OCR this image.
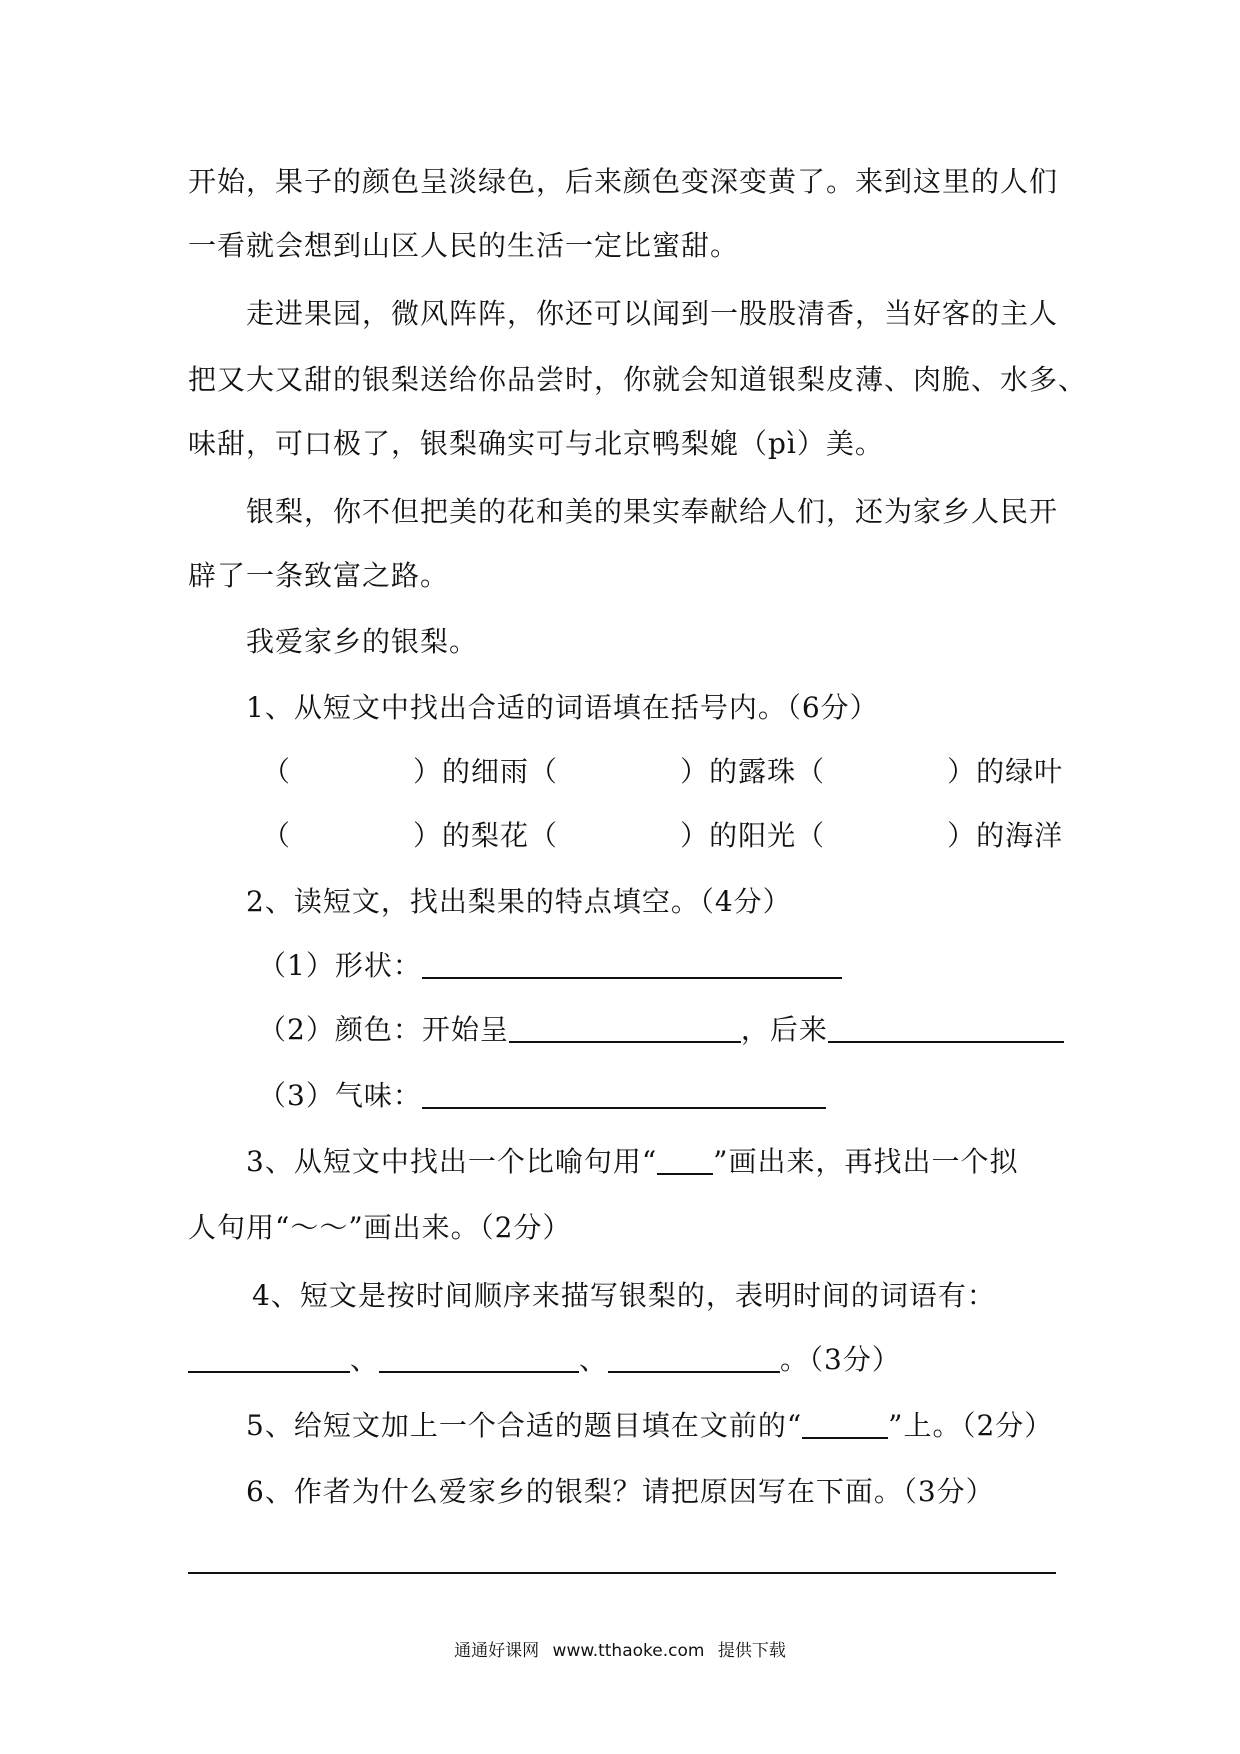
开始，果子的颜色呈淡绿色，后来颜色变深变黄了。来到这里的人们
一看就会想到山区人民的生活一定比蜜甜。
走进果园，微风阵阵，你还可以闻到一股股清香，当好客的主人
把又大又甜的银梨送给你品尝时，你就会知道银梨皮薄、肉脆、水多、
味甜，可口极了，银梨确实可与北京鸭梨媲（pì）美。
银梨，你不但把美的花和美的果实奉献给人们，还为家乡人民开
辟了一条致富之路。
我爱家乡的银梨。
1、从短文中找出合适的词语填在括号内。（6分）
（	）的细雨（	）的露珠（	）的绿叶
（	）的梨花（	）的阳光（	）的海洋
2、读短文，找出梨果的特点填空。（4分）
（1）形状：
（2）颜色：开始呈	，后来
（3）气味：
3、从短文中找出一个比喻句用“ ”画出来，再找出一个拟
人句用“～～”画出来。（2分）
4、短文是按时间顺序来描写银梨的，表明时间的词语有：
、	、	。（3分）
5、给短文加上一个合适的题目填在文前的“	”上。（2分）
6、作者为什么爱家乡的银梨？请把原因写在下面。（3分）
通通好课网 www.tthaoke.com 提供下载
